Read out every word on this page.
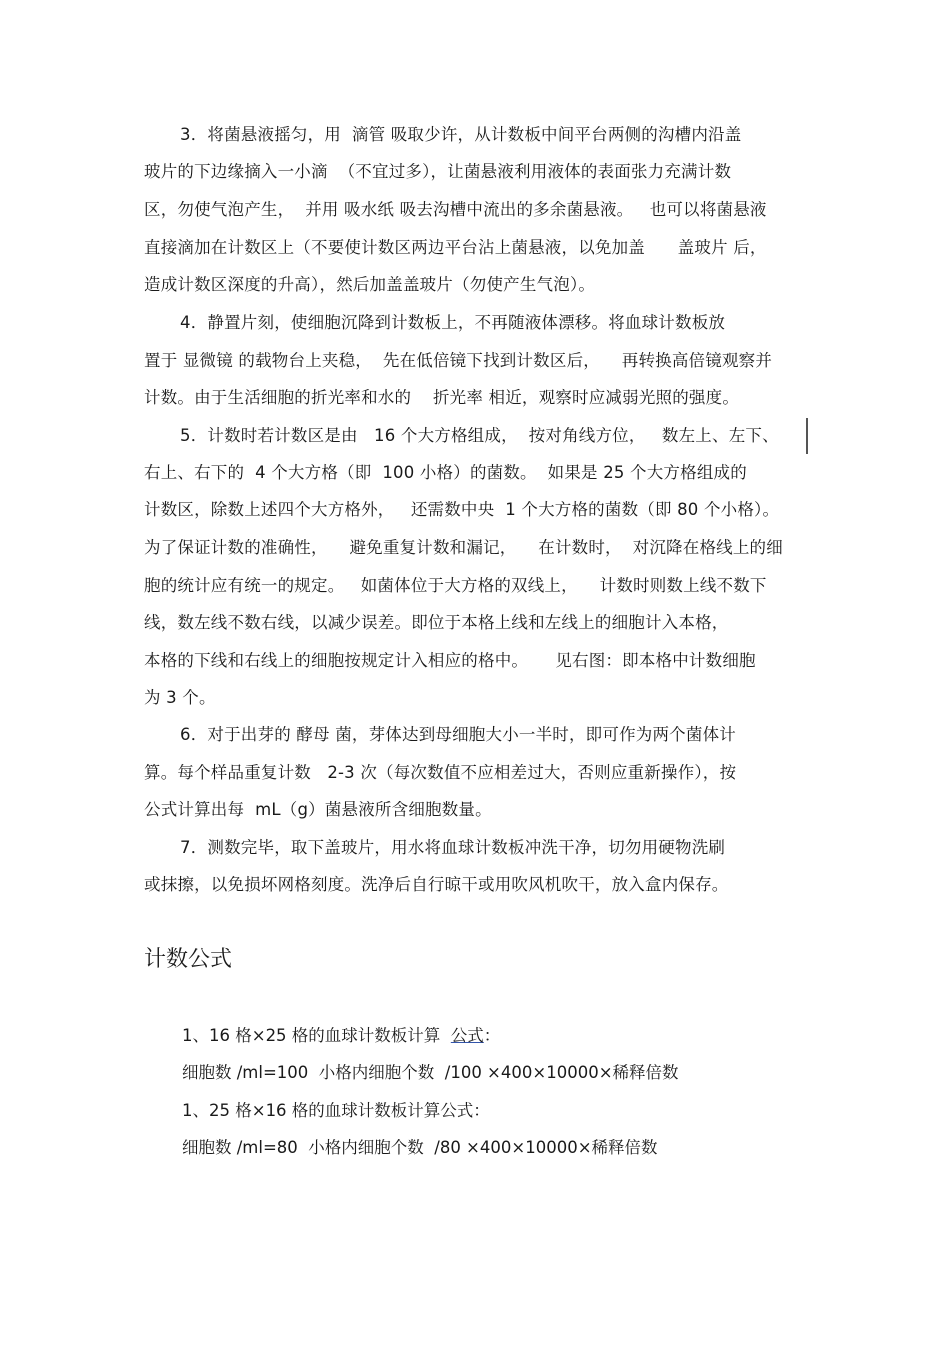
3．将菌悬液摇匀，用  滴管 吸取少许，从计数板中间平台两侧的沟槽内沿盖
玻片的下边缘摘入一小滴  （不宜过多），让菌悬液利用液体的表面张力充满计数
区，勿使气泡产生，  并用 吸水纸 吸去沟槽中流出的多余菌悬液。   也可以将菌悬液
直接滴加在计数区上（不要使计数区两边平台沾上菌悬液，以免加盖      盖玻片 后，
造成计数区深度的升高），然后加盖盖玻片（勿使产生气泡）。
4．静置片刻，使细胞沉降到计数板上，不再随液体漂移。将血球计数板放
置于 显微镜 的载物台上夹稳，  先在低倍镜下找到计数区后，    再转换高倍镜观察并
计数。由于生活细胞的折光率和水的    折光率 相近，观察时应减弱光照的强度。
5．计数时若计数区是由   16 个大方格组成，  按对角线方位，   数左上、左下、
右上、右下的  4 个大方格（即  100 小格）的菌数。  如果是 25 个大方格组成的
计数区，除数上述四个大方格外，   还需数中央  1 个大方格的菌数（即 80 个小格）。
为了保证计数的准确性，    避免重复计数和漏记，    在计数时，  对沉降在格线上的细
胞的统计应有统一的规定。   如菌体位于大方格的双线上，    计数时则数上线不数下
线，数左线不数右线，以减少误差。即位于本格上线和左线上的细胞计入本格，
本格的下线和右线上的细胞按规定计入相应的格中。     见右图：即本格中计数细胞
为 3 个。
6．对于出芽的 酵母 菌，芽体达到母细胞大小一半时，即可作为两个菌体计
算。每个样品重复计数   2-3 次（每次数值不应相差过大，否则应重新操作），按
公式计算出每  mL（g）菌悬液所含细胞数量。
7．测数完毕，取下盖玻片，用水将血球计数板冲洗干净，切勿用硬物洗刷
或抹擦，以免损坏网格刻度。洗净后自行晾干或用吹风机吹干，放入盒内保存。
计数公式
1、16 格×25 格的血球计数板计算  公式：
细胞数 /ml=100  小格内细胞个数  /100 ×400×10000×稀释倍数
1、25 格×16 格的血球计数板计算公式：
细胞数 /ml=80  小格内细胞个数  /80 ×400×10000×稀释倍数
